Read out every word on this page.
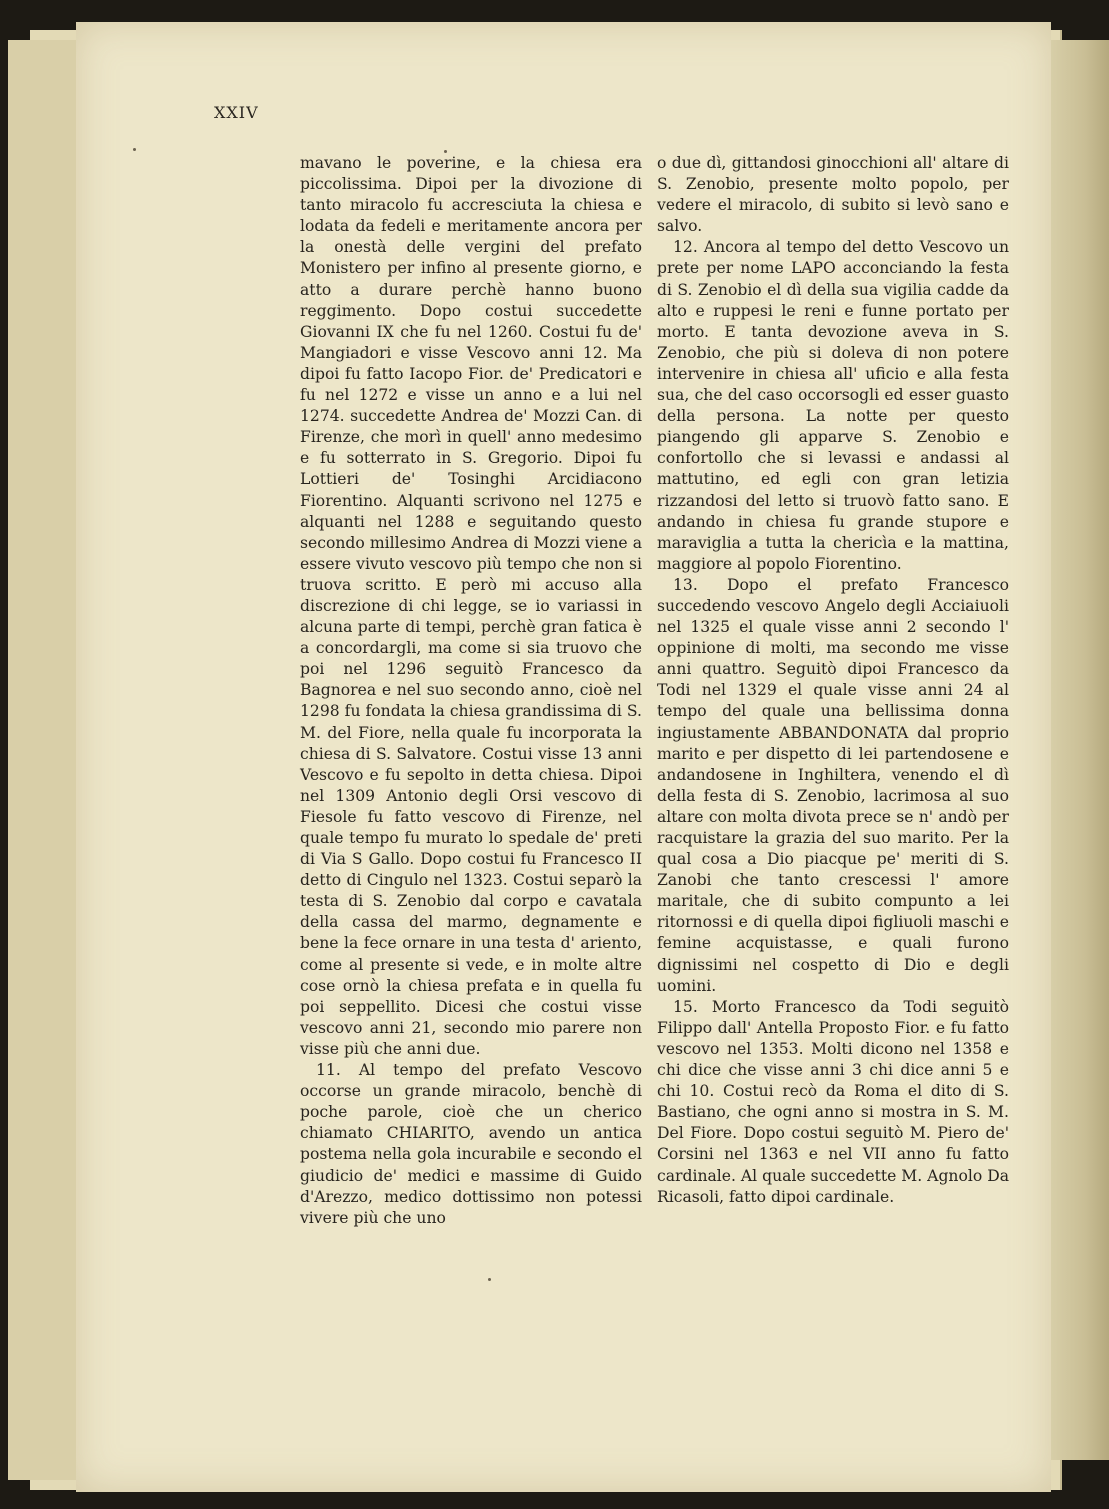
XXIV

mavano le poverine, e la chiesa era piccolissima. Dipoi per la divozione di tanto miracolo fu accresciuta la chiesa e lodata da fedeli e meritamente ancora per la onestà delle vergini del prefato Monistero per infino al presente giorno, e atto a durare perchè hanno buono reggimento. Dopo costui succedette Giovanni IX che fu nel 1260. Costui fu de' Mangiadori e visse Vescovo anni 12. Ma dipoi fu fatto Iacopo Fior. de' Predicatori e fu nel 1272 e visse un anno e a lui nel 1274. succedette Andrea de' Mozzi Can. di Firenze, che morì in quell' anno medesimo e fu sotterrato in S. Gregorio. Dipoi fu Lottieri de' Tosinghi Arcidiacono Fiorentino. Alquanti scrivono nel 1275 e alquanti nel 1288 e seguitando questo secondo millesimo Andrea di Mozzi viene a essere vivuto vescovo più tempo che non si truova scritto. E però mi accuso alla discrezione di chi legge, se io variassi in alcuna parte di tempi, perchè gran fatica è a concordargli, ma come si sia truovo che poi nel 1296 seguitò Francesco da Bagnorea e nel suo secondo anno, cioè nel 1298 fu fondata la chiesa grandissima di S. M. del Fiore, nella quale fu incorporata la chiesa di S. Salvatore. Costui visse 13 anni Vescovo e fu sepolto in detta chiesa. Dipoi nel 1309 Antonio degli Orsi vescovo di Fiesole fu fatto vescovo di Firenze, nel quale tempo fu murato lo spedale de' preti di Via S Gallo. Dopo costui fu Francesco II detto di Cingulo nel 1323. Costui separò la testa di S. Zenobio dal corpo e cavatala della cassa del marmo, degnamente e bene la fece ornare in una testa d' ariento, come al presente si vede, e in molte altre cose ornò la chiesa prefata e in quella fu poi seppellito. Dicesi che costui visse vescovo anni 21, secondo mio parere non visse più che anni due.

11. Al tempo del prefato Vescovo occorse un grande miracolo, benchè di poche parole, cioè che un cherico chiamato CHIARITO, avendo un antica postema nella gola incurabile e secondo el giudicio de' medici e massime di Guido d'Arezzo, medico dottissimo non potessi vivere più che uno

o due dì, gittandosi ginocchioni all' altare di S. Zenobio, presente molto popolo, per vedere el miracolo, di subito si levò sano e salvo.

12. Ancora al tempo del detto Vescovo un prete per nome LAPO acconciando la festa di S. Zenobio el dì della sua vigilia cadde da alto e ruppesi le reni e funne portato per morto. E tanta devozione aveva in S. Zenobio, che più si doleva di non potere intervenire in chiesa all' uficio e alla festa sua, che del caso occorsogli ed esser guasto della persona. La notte per questo piangendo gli apparve S. Zenobio e confortollo che si levassi e andassi al mattutino, ed egli con gran letizia rizzandosi del letto si truovò fatto sano. E andando in chiesa fu grande stupore e maraviglia a tutta la chericìa e la mattina, maggiore al popolo Fiorentino.

13. Dopo el prefato Francesco succedendo vescovo Angelo degli Acciaiuoli nel 1325 el quale visse anni 2 secondo l' oppinione di molti, ma secondo me visse anni quattro. Seguitò dipoi Francesco da Todi nel 1329 el quale visse anni 24 al tempo del quale una bellissima donna ingiustamente ABBANDONATA dal proprio marito e per dispetto di lei partendosene e andandosene in Inghiltera, venendo el dì della festa di S. Zenobio, lacrimosa al suo altare con molta divota prece se n' andò per racquistare la grazia del suo marito. Per la qual cosa a Dio piacque pe' meriti di S. Zanobi che tanto crescessi l' amore maritale, che di subito compunto a lei ritornossi e di quella dipoi figliuoli maschi e femine acquistasse, e quali furono dignissimi nel cospetto di Dio e degli uomini.

15. Morto Francesco da Todi seguitò Filippo dall' Antella Proposto Fior. e fu fatto vescovo nel 1353. Molti dicono nel 1358 e chi dice che visse anni 3 chi dice anni 5 e chi 10. Costui recò da Roma el dito di S. Bastiano, che ogni anno si mostra in S. M. Del Fiore. Dopo costui seguitò M. Piero de' Corsini nel 1363 e nel VII anno fu fatto cardinale. Al quale succedette M. Agnolo Da Ricasoli, fatto dipoi cardinale.
